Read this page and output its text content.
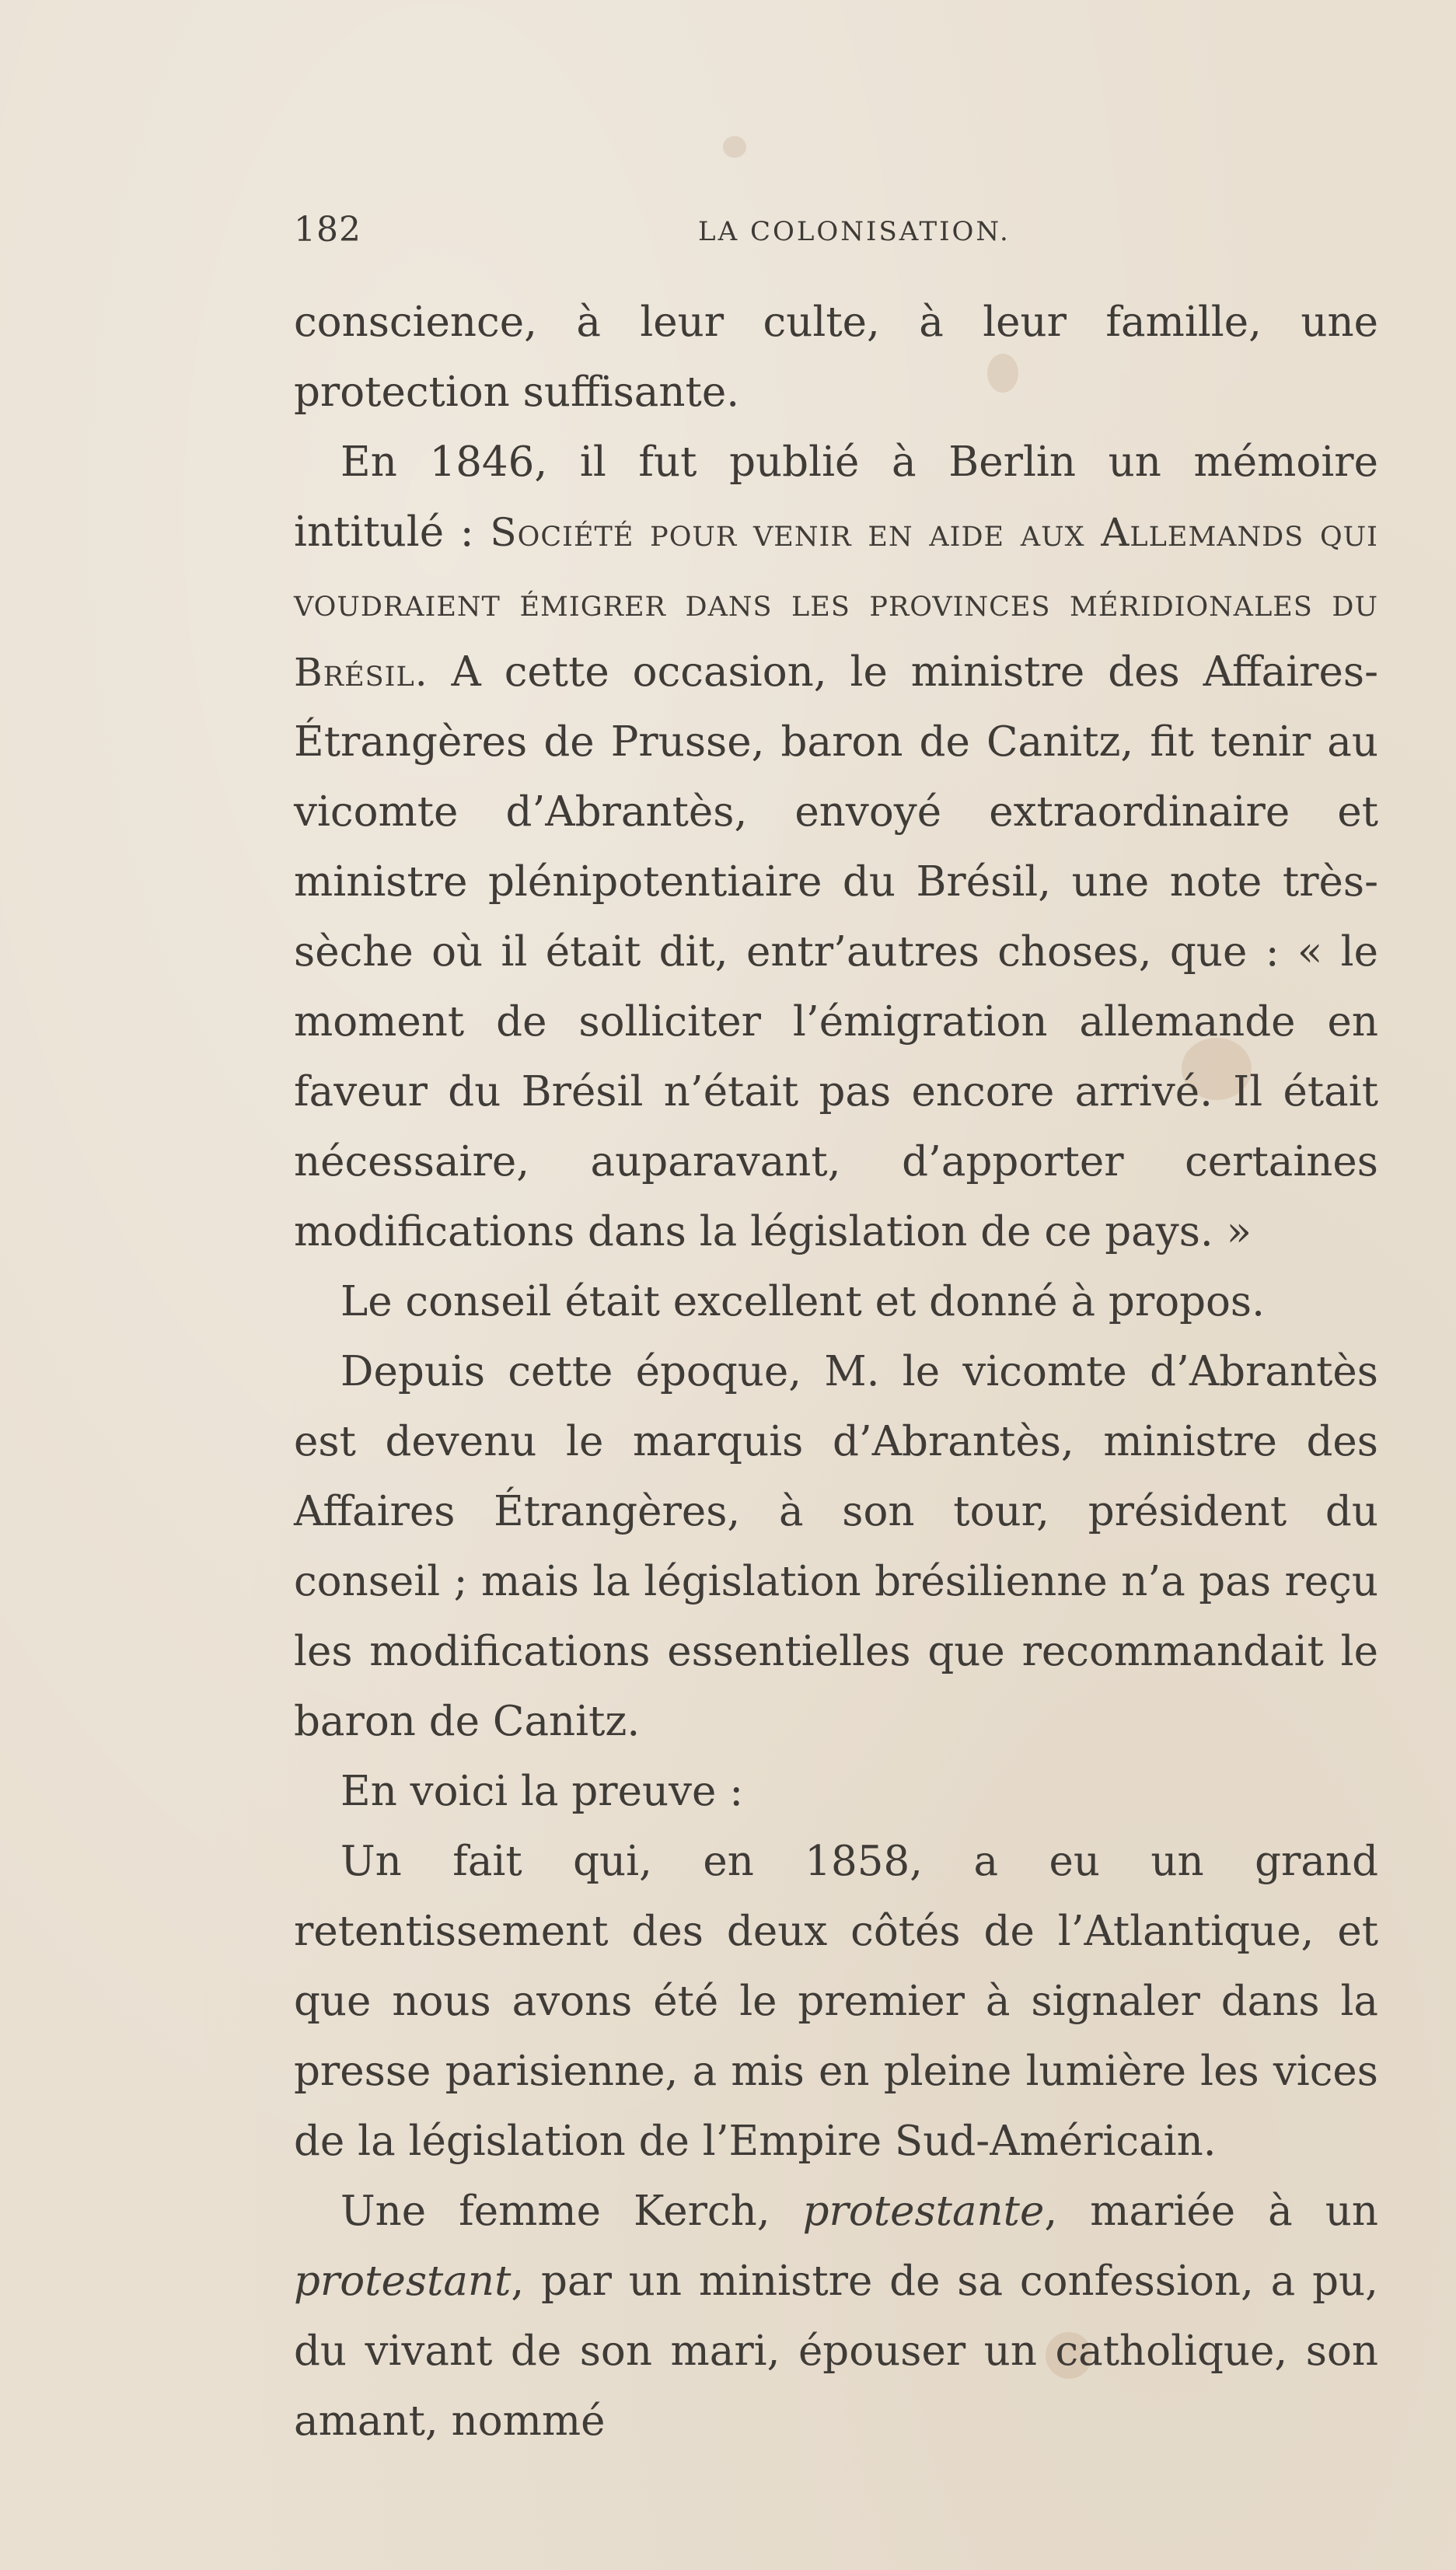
182	LA COLONISATION.

conscience, à leur culte, à leur famille, une protection suffisante.

En 1846, il fut publié à Berlin un mémoire intitulé : Société pour venir en aide aux Allemands qui voudraient émigrer dans les provinces méridionales du Brésil. A cette occasion, le ministre des Affaires-Étrangères de Prusse, baron de Canitz, fit tenir au vicomte d’Abrantès, envoyé extraordinaire et ministre plénipotentiaire du Brésil, une note très-sèche où il était dit, entr’autres choses, que : « le moment de solliciter l’émigration allemande en faveur du Brésil n’était pas encore arrivé. Il était nécessaire, auparavant, d’apporter certaines modifications dans la législation de ce pays. »

Le conseil était excellent et donné à propos.

Depuis cette époque, M. le vicomte d’Abrantès est devenu le marquis d’Abrantès, ministre des Affaires Étrangères, à son tour, président du conseil ; mais la législation brésilienne n’a pas reçu les modifications essentielles que recommandait le baron de Canitz.

En voici la preuve :

Un fait qui, en 1858, a eu un grand retentissement des deux côtés de l’Atlantique, et que nous avons été le premier à signaler dans la presse parisienne, a mis en pleine lumière les vices de la législation de l’Empire Sud-Américain.

Une femme Kerch, protestante, mariée à un protestant, par un ministre de sa confession, a pu, du vivant de son mari, épouser un catholique, son amant, nommé
